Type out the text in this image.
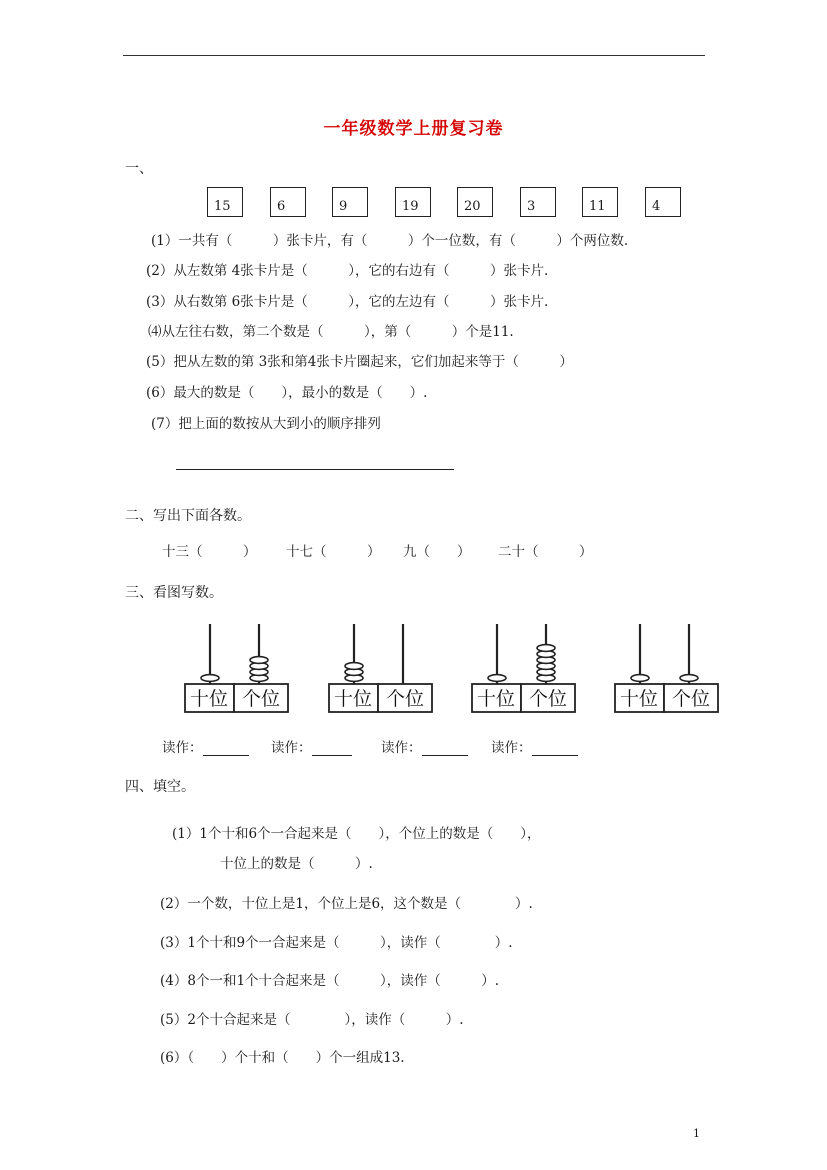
一年级数学上册复习卷
一、
15	6	9	19	20	3	11	4
(1）一共有（　　　）张卡片，有（　　　）个一位数，有（　　　）个两位数.
(2）从左数第 4张卡片是（　　　），它的右边有（　　　）张卡片.
(3）从右数第 6张卡片是（　　　），它的左边有（　　　）张卡片.
⑷从左往右数，第二个数是（　　　），第（　　　）个是11.
(5）把从左数的第 3张和第4张卡片圈起来，它们加起来等于（　　　）
(6）最大的数是（　　），最小的数是（　　）.
(7）把上面的数按从大到小的顺序排列
二、写出下面各数。
十三（　　　） 十七（　　　） 九（　　） 二十（　　　）
三、看图写数。
十位 个位	十位 个位	十位 个位	十位 个位
读作：	读作：	读作：	读作：
四、填空。
(1）1个十和6个一合起来是（　　），个位上的数是（　　），
十位上的数是（　　　）.
(2）一个数，十位上是1，个位上是6，这个数是（　　　　）.
(3）1个十和9个一合起来是（　　　），读作（　　　　）.
(4）8个一和1个十合起来是（　　　），读作（　　　）.
(5）2个十合起来是（　　　　），读作（　　　）.
(6）（　　）个十和（　　）个一组成13.
1
